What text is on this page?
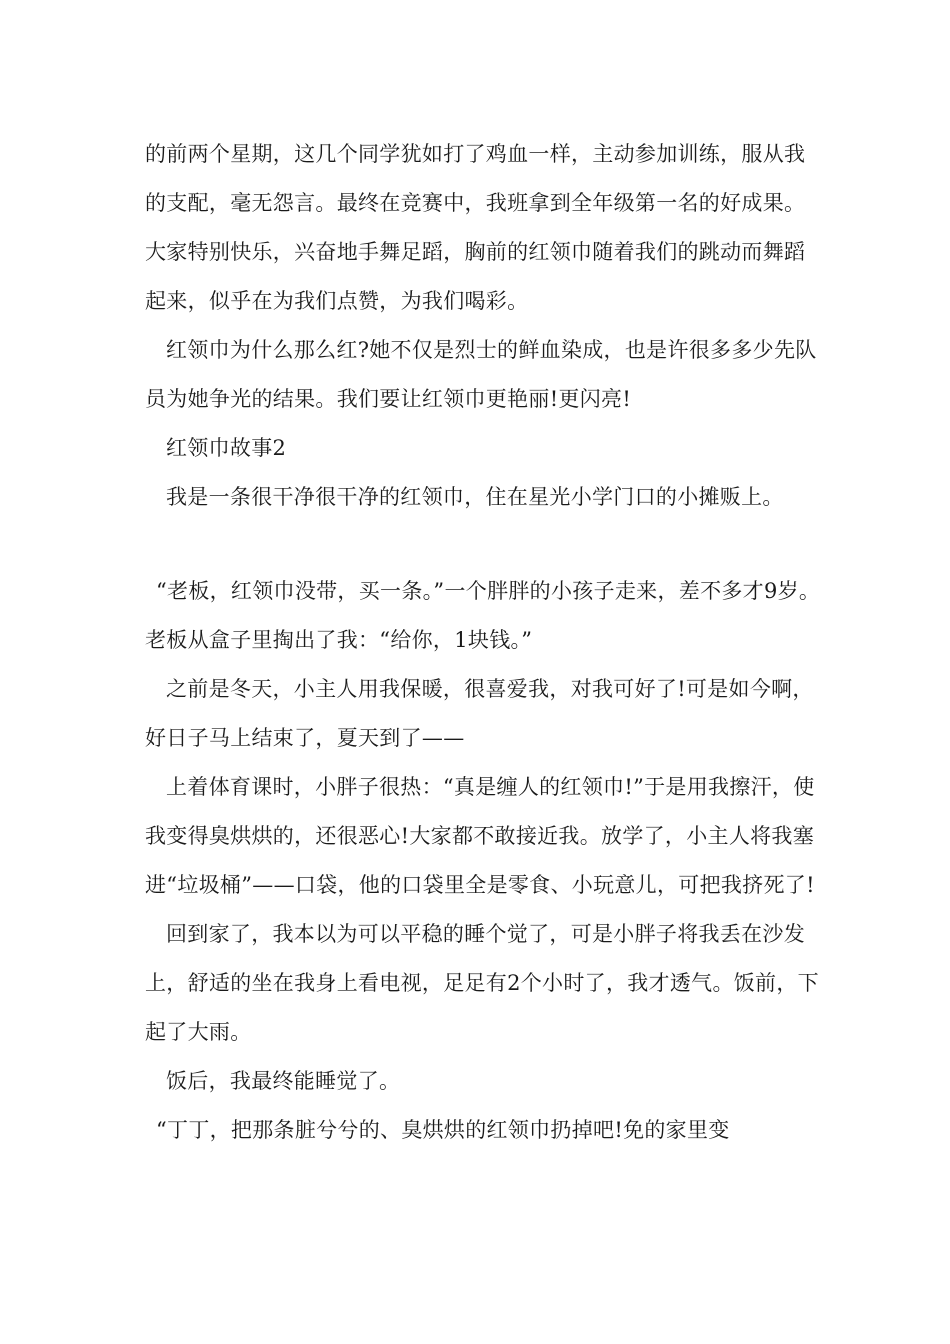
的前两个星期，这几个同学犹如打了鸡血一样，主动参加训练，服从我的支配，毫无怨言。最终在竞赛中，我班拿到全年级第一名的好成果。大家特别快乐，兴奋地手舞足蹈，胸前的红领巾随着我们的跳动而舞蹈起来，似乎在为我们点赞，为我们喝彩。

红领巾为什么那么红?她不仅是烈士的鲜血染成，也是许很多多少先队员为她争光的结果。我们要让红领巾更艳丽!更闪亮!

红领巾故事2

我是一条很干净很干净的红领巾，住在星光小学门口的小摊贩上。

“老板，红领巾没带，买一条。”一个胖胖的小孩子走来，差不多才9岁。老板从盒子里掏出了我：“给你，1块钱。”

之前是冬天，小主人用我保暖，很喜爱我，对我可好了!可是如今啊，好日子马上结束了，夏天到了——

上着体育课时，小胖子很热：“真是缠人的红领巾!”于是用我擦汗，使我变得臭烘烘的，还很恶心!大家都不敢接近我。放学了，小主人将我塞进“垃圾桶”——口袋，他的口袋里全是零食、小玩意儿，可把我挤死了!

回到家了，我本以为可以平稳的睡个觉了，可是小胖子将我丢在沙发上，舒适的坐在我身上看电视，足足有2个小时了，我才透气。饭前，下起了大雨。

饭后，我最终能睡觉了。

“丁丁，把那条脏兮兮的、臭烘烘的红领巾扔掉吧!免的家里变
